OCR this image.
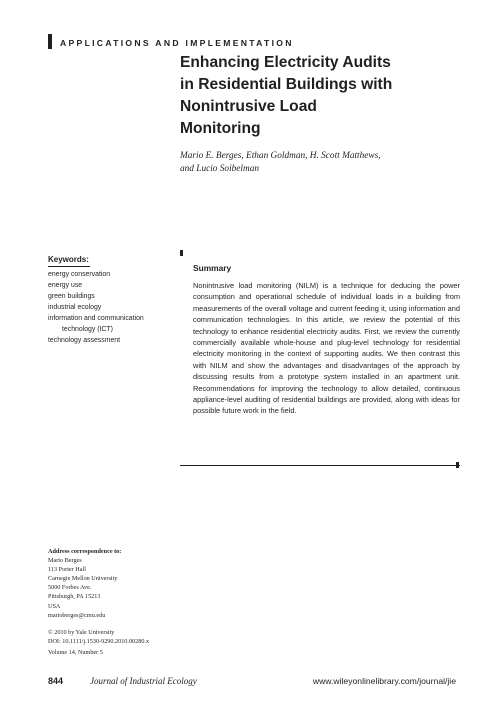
APPLICATIONS AND IMPLEMENTATION
Enhancing Electricity Audits
in Residential Buildings with
Nonintrusive Load
Monitoring
Mario E. Berges, Ethan Goldman, H. Scott Matthews,
and Lucio Soibelman
Keywords:
energy conservation
energy use
green buildings
industrial ecology
information and communication technology (ICT)
technology assessment
Summary

Nonintrusive load monitoring (NILM) is a technique for deducing the power consumption and operational schedule of individual loads in a building from measurements of the overall voltage and current feeding it, using information and communication technologies. In this article, we review the potential of this technology to enhance residential electricity audits. First, we review the currently commercially available whole-house and plug-level technology for residential electricity monitoring in the context of supporting audits. We then contrast this with NILM and show the advantages and disadvantages of the approach by discussing results from a prototype system installed in an apartment unit. Recommendations for improving the technology to allow detailed, continuous appliance-level auditing of residential buildings are provided, along with ideas for possible future work in the field.

Address correspondence to:
Mario Berges
113 Porter Hall
Carnegie Mellon University
5000 Forbes Ave.
Pittsburgh, PA 15213
USA
marioberges@cmu.edu
© 2010 by Yale University
DOI: 10.1111/j.1530-9290.2010.00280.x
Volume 14, Number 5
844	Journal of Industrial Ecology	www.wileyonlinelibrary.com/journal/jie
